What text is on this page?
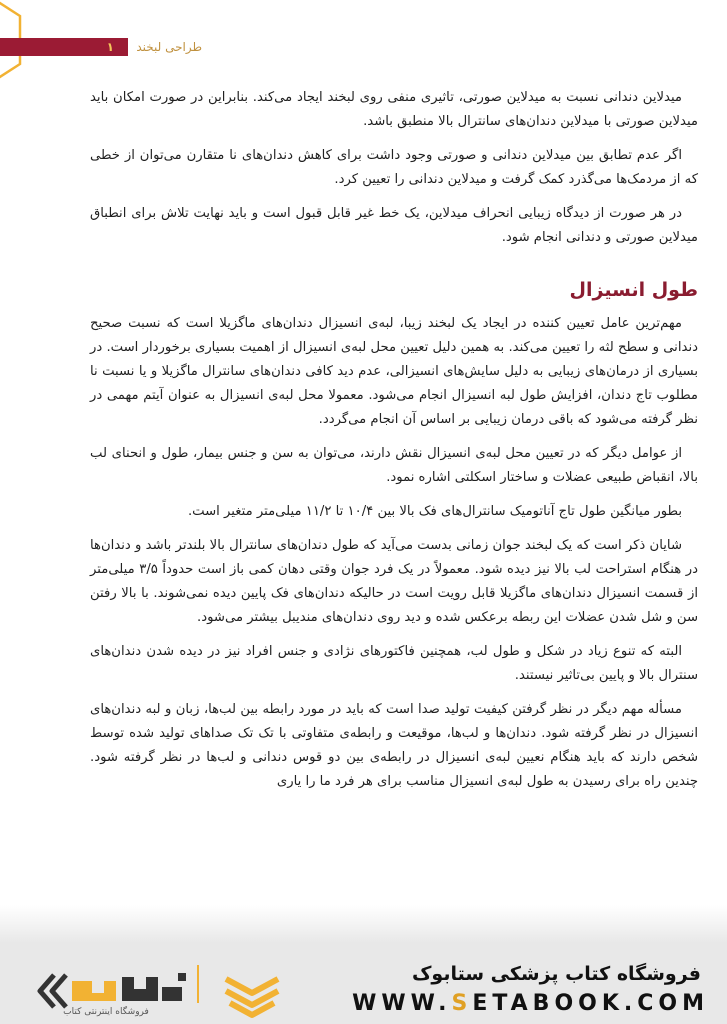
طراحی لبخند
۱

میدلاین دندانی نسبت به میدلاین صورتی، تاثیری منفی روی لبخند ایجاد می‌کند. بنابراین در صورت امکان باید میدلاین صورتی با میدلاین دندان‌های سانترال بالا منطبق باشد.

اگر عدم تطابق بین میدلاین دندانی و صورتی وجود داشت برای کاهش دندان‌های نا متقارن می‌توان از خطی که از مردمک‌ها می‌گذرد کمک گرفت و میدلاین دندانی را تعیین کرد.

در هر صورت از دیدگاه زیبایی انحراف میدلاین، یک خط غیر قابل قبول است و باید نهایت تلاش برای انطباق میدلاین صورتی و دندانی انجام شود.

طول انسیزال

مهم‌ترین عامل تعیین کننده در ایجاد یک لبخند زیبا، لبه‌ی انسیزال دندان‌های ماگزیلا است که نسبت صحیح دندانی و سطح لثه را تعیین می‌کند. به همین دلیل تعیین محل لبه‌ی انسیزال از اهمیت بسیاری برخوردار است. در بسیاری از درمان‌های زیبایی به دلیل سایش‌های انسیزالی، عدم دید کافی دندان‌های سانترال ماگزیلا و یا نسبت نا مطلوب تاج دندان، افزایش طول لبه انسیزال انجام می‌شود. معمولا محل لبه‌ی انسیزال به عنوان آیتم مهمی در نظر گرفته می‌شود که باقی درمان زیبایی بر اساس آن انجام می‌گردد.

از عوامل دیگر که در تعیین محل لبه‌ی انسیزال نقش دارند، می‌توان به سن و جنس بیمار، طول و انحنای لب بالا، انقباض طبیعی عضلات و ساختار اسکلتی اشاره نمود.

بطور میانگین طول تاج آناتومیک سانترال‌های فک بالا بین ۱۰/۴ تا ۱۱/۲ میلی‌متر متغیر است.

شایان ذکر است که یک لبخند جوان زمانی بدست می‌آید که طول دندان‌های سانترال بالا بلندتر باشد و دندان‌ها در هنگام استراحت لب بالا نیز دیده شود. معمولاً در یک فرد جوان وقتی دهان کمی باز است حدوداً ۳/۵ میلی‌متر از قسمت انسیزال دندان‌های ماگزیلا قابل رویت است در حالیکه دندان‌های فک پایین دیده نمی‌شوند. با بالا رفتن سن و شل شدن عضلات این ربطه برعکس شده و دید روی دندان‌های مندیبل بیشتر می‌شود.

البته که تنوع زیاد در شکل و طول لب، همچنین فاکتورهای نژادی و جنس افراد نیز در دیده شدن دندان‌های سنترال بالا و پایین بی‌تاثیر نیستند.

مسأله مهم دیگر در نظر گرفتن کیفیت تولید صدا است که باید در مورد رابطه بین لب‌ها، زبان و لبه دندان‌های انسیزال در نظر گرفته شود. دندان‌ها و لب‌ها، موقیعت و رابطه‌ی متفاوتی با تک تک صداهای تولید شده توسط شخص دارند که باید هنگام نعیین لبه‌ی انسیزال در رابطه‌ی بین دو قوس دندانی و لب‌ها در نظر گرفته شود. چندین راه برای رسیدن به طول لبه‌ی انسیزال مناسب برای هر فرد ما را یاری

فروشگاه اینترنتی کتاب
فروشگاه کتاب پزشکی ستابوک
WWW.SETABOOK.COM
